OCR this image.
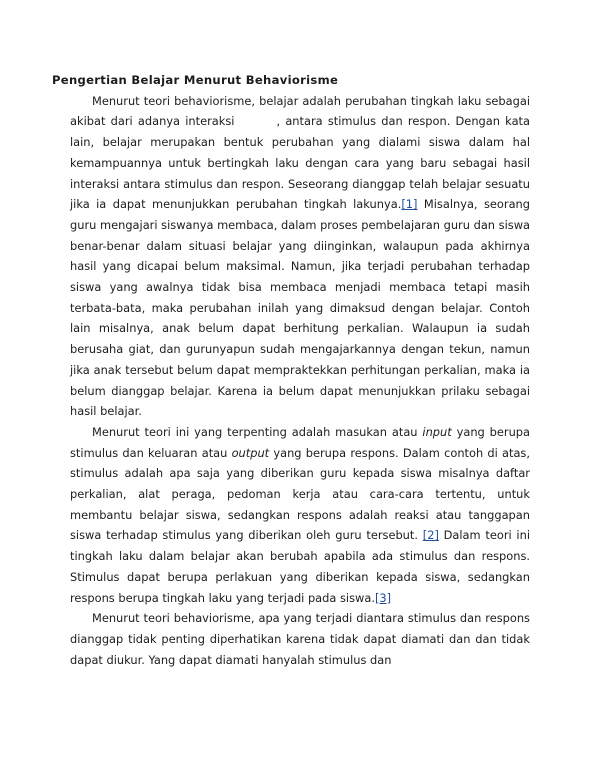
Pengertian Belajar Menurut Behaviorisme

Menurut teori behaviorisme, belajar adalah perubahan tingkah laku sebagai akibat dari adanya interaksi	, antara stimulus dan respon. Dengan kata lain, belajar merupakan bentuk perubahan yang dialami siswa dalam hal kemampuannya untuk bertingkah laku dengan cara yang baru sebagai hasil interaksi antara stimulus dan respon. Seseorang dianggap telah belajar sesuatu jika ia dapat menunjukkan perubahan tingkah lakunya.[1] Misalnya, seorang guru mengajari siswanya membaca, dalam proses pembelajaran guru dan siswa benar-benar dalam situasi belajar yang diinginkan, walaupun pada akhirnya hasil yang dicapai belum maksimal. Namun, jika terjadi perubahan terhadap siswa yang awalnya tidak bisa membaca menjadi membaca tetapi masih terbata-bata, maka perubahan inilah yang dimaksud dengan belajar. Contoh lain misalnya, anak belum dapat berhitung perkalian. Walaupun ia sudah berusaha giat, dan gurunyapun sudah mengajarkannya dengan tekun, namun jika anak tersebut belum dapat mempraktekkan perhitungan perkalian, maka ia belum dianggap belajar. Karena ia belum dapat menunjukkan prilaku sebagai hasil belajar.

Menurut teori ini yang terpenting adalah masukan atau input yang berupa stimulus dan keluaran atau output yang berupa respons. Dalam contoh di atas, stimulus adalah apa saja yang diberikan guru kepada siswa misalnya daftar perkalian, alat peraga, pedoman kerja atau cara-cara tertentu, untuk membantu belajar siswa, sedangkan respons adalah reaksi atau tanggapan siswa terhadap stimulus yang diberikan oleh guru tersebut. [2] Dalam teori ini tingkah laku dalam belajar akan berubah apabila ada stimulus dan respons. Stimulus dapat berupa perlakuan yang diberikan kepada siswa, sedangkan respons berupa tingkah laku yang terjadi pada siswa.[3]

Menurut teori behaviorisme, apa yang terjadi diantara stimulus dan respons dianggap tidak penting diperhatikan karena tidak dapat diamati dan dan tidak dapat diukur. Yang dapat diamati hanyalah stimulus dan
